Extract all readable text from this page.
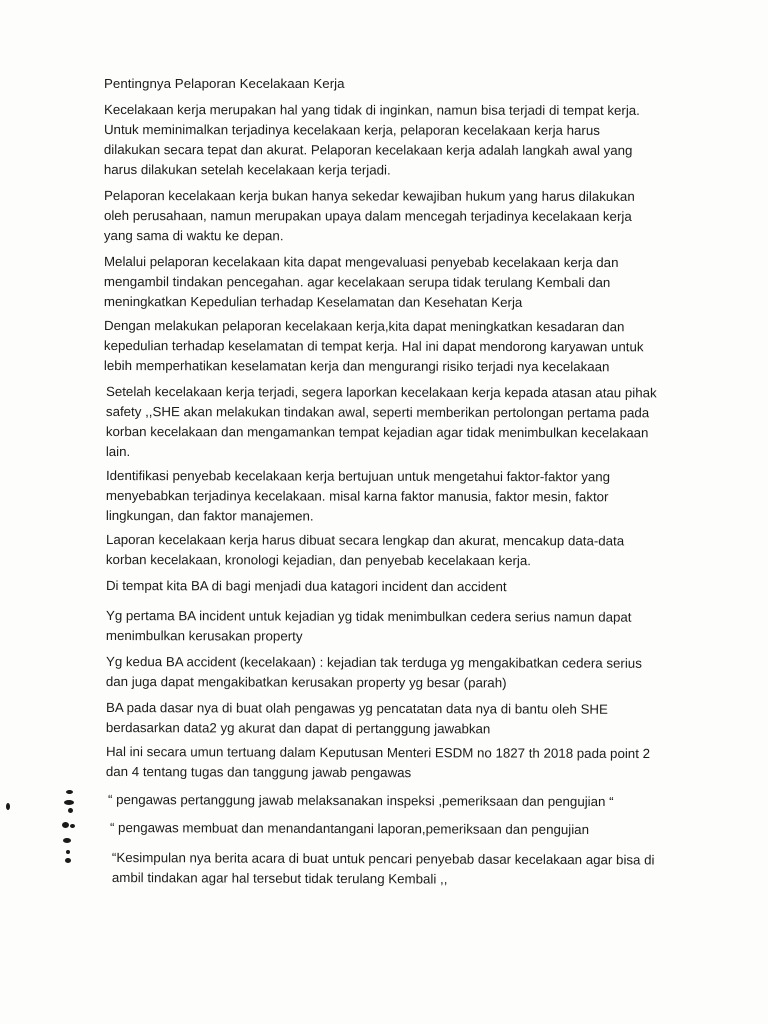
Pentingnya Pelaporan Kecelakaan Kerja
Kecelakaan kerja merupakan hal yang tidak di inginkan, namun bisa terjadi di tempat kerja.
Untuk meminimalkan terjadinya kecelakaan kerja, pelaporan kecelakaan kerja harus
dilakukan secara tepat dan akurat. Pelaporan kecelakaan kerja adalah langkah awal yang
harus dilakukan setelah kecelakaan kerja terjadi.
Pelaporan kecelakaan kerja bukan hanya sekedar kewajiban hukum yang harus dilakukan
oleh perusahaan, namun merupakan upaya dalam mencegah terjadinya kecelakaan kerja
yang sama di waktu ke depan.
Melalui pelaporan kecelakaan kita dapat mengevaluasi penyebab kecelakaan kerja dan
mengambil tindakan pencegahan. agar kecelakaan serupa tidak terulang Kembali dan
meningkatkan Kepedulian terhadap Keselamatan dan Kesehatan Kerja
Dengan melakukan pelaporan kecelakaan kerja,kita dapat meningkatkan kesadaran dan
kepedulian terhadap keselamatan di tempat kerja. Hal ini dapat mendorong karyawan untuk
lebih memperhatikan keselamatan kerja dan mengurangi risiko terjadi nya kecelakaan
Setelah kecelakaan kerja terjadi, segera laporkan kecelakaan kerja kepada atasan atau pihak
safety ,,SHE akan melakukan tindakan awal, seperti memberikan pertolongan pertama pada
korban kecelakaan dan mengamankan tempat kejadian agar tidak menimbulkan kecelakaan
lain.
Identifikasi penyebab kecelakaan kerja bertujuan untuk mengetahui faktor-faktor yang
menyebabkan terjadinya kecelakaan. misal karna faktor manusia, faktor mesin, faktor
lingkungan, dan faktor manajemen.
Laporan kecelakaan kerja harus dibuat secara lengkap dan akurat, mencakup data-data
korban kecelakaan, kronologi kejadian, dan penyebab kecelakaan kerja.
Di tempat kita BA di bagi menjadi dua katagori incident dan accident
Yg pertama BA incident untuk kejadian yg tidak menimbulkan cedera serius namun dapat
menimbulkan kerusakan property
Yg kedua BA accident (kecelakaan) : kejadian tak terduga yg mengakibatkan cedera serius
dan juga dapat mengakibatkan kerusakan property yg besar (parah)
BA pada dasar nya di buat olah pengawas yg pencatatan data nya di bantu oleh SHE
berdasarkan data2 yg akurat dan dapat di pertanggung jawabkan
Hal ini secara umun tertuang dalam Keputusan Menteri ESDM no 1827 th 2018 pada point 2
dan 4 tentang tugas dan tanggung jawab pengawas
“ pengawas pertanggung jawab melaksanakan inspeksi ,pemeriksaan dan pengujian “
“ pengawas membuat dan menandantangani laporan,pemeriksaan dan pengujian
“Kesimpulan nya berita acara di buat untuk pencari penyebab dasar kecelakaan agar bisa di
ambil tindakan agar hal tersebut tidak terulang Kembali ,,
